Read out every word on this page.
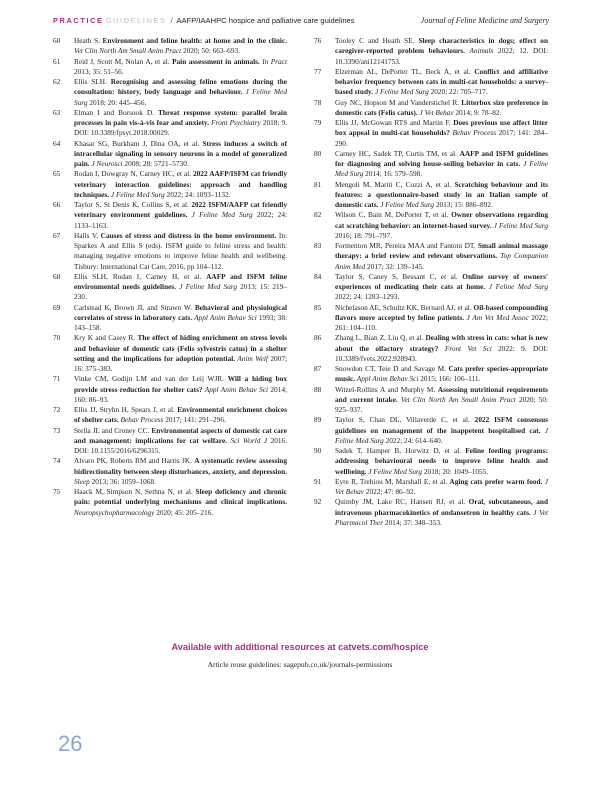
PRACTICE GUIDELINES / AAFP/IAAHPC hospice and palliative care guidelines	Journal of Feline Medicine and Surgery
60 Heath S. Environment and feline health: at home and in the clinic. Vet Clin North Am Small Anim Pract 2020; 50: 663–693.
61 Reid J, Scott M, Nolan A, et al. Pain assessment in animals. In Pract 2013; 35: 51–56.
62 Ellis SLH. Recognising and assessing feline emotions during the consultation: history, body language and behaviour. J Feline Med Surg 2018; 20: 445–456.
63 Elman I and Borsook D. Threat response system: parallel brain processes in pain vis-à-vis fear and anxiety. Front Psychiatry 2018; 9. DOI: 10.3389/fpsyt.2018.00029.
64 Khasar SG, Burkham J, Dina OA, et al. Stress induces a switch of intracellular signaling in sensory neurons in a model of generalized pain. J Neurosci 2008; 28: 5721–5730.
65 Rodan I, Dowgray N, Carney HC, et al. 2022 AAFP/ISFM cat friendly veterinary interaction guidelines: approach and handling techniques. J Feline Med Surg 2022; 24: 1093–1132.
66 Taylor S, St Denis K, Collins S, et al. 2022 ISFM/AAFP cat friendly veterinary environment guidelines. J Feline Med Surg 2022; 24: 1133–1163.
67 Halls V. Causes of stress and distress in the home environment. In: Sparkes A and Ellis S (eds). ISFM guide to feline stress and health: managing negative emotions to improve feline health and wellbeing. Tisbury: International Cat Care, 2016, pp 104–112.
68 Ellis SLH, Rodan I, Carney H, et al. AAFP and ISFM feline environmental needs guidelines. J Feline Med Surg 2013; 15: 219–230.
69 Carlstead K, Brown JL and Strawn W. Behavioral and physiological correlates of stress in laboratory cats. Appl Anim Behav Sci 1993; 38: 143–158.
70 Kry K and Casey R. The effect of hiding enrichment on stress levels and behaviour of domestic cats (Felis sylvestris catus) in a shelter setting and the implications for adoption potential. Anim Welf 2007; 16: 375–383.
71 Vinke CM, Godijn LM and van der Leij WJR. Will a hiding box provide stress reduction for shelter cats? Appl Anim Behav Sci 2014; 160: 86–93.
72 Ellis JJ, Stryhn H, Spears J, et al. Environmental enrichment choices of shelter cats. Behav Process 2017; 141: 291–296.
73 Stella JL and Croney CC. Environmental aspects of domestic cat care and management: implications for cat welfare. Sci World J 2016. DOI: 10.1155/2016/6296315.
74 Alvaro PK, Roberts RM and Harris JK. A systematic review assessing bidirectionality between sleep disturbances, anxiety, and depression. Sleep 2013; 36: 1059–1068.
75 Haack M, Simpson N, Sethna N, et al. Sleep deficiency and chronic pain: potential underlying mechanisms and clinical implications. Neuropsychopharmacology 2020; 45: 205–216.
76 Tooley C and Heath SE. Sleep characteristics in dogs; effect on caregiver-reported problem behaviours. Animals 2022; 12. DOI: 10.3390/ani12141753.
77 Elzerman AL, DePorter TL, Beck A, et al. Conflict and affiliative behavior frequency between cats in multi-cat households: a survey-based study. J Feline Med Surg 2020; 22: 705–717.
78 Guy NC, Hopson M and Vanderstichel R. Litterbox size preference in domestic cats (Felis catus). J Vet Behav 2014; 9: 78–82.
79 Ellis JJ, McGowan RTS and Martin F. Does previous use affect litter box appeal in multi-cat households? Behav Process 2017; 141: 284–290.
80 Carney HC, Sadek TP, Curtis TM, et al. AAFP and ISFM guidelines for diagnosing and solving house-soiling behavior in cats. J Feline Med Surg 2014; 16: 579–598.
81 Mengoli M, Mariti C, Cozzi A, et al. Scratching behaviour and its features: a questionnaire-based study in an Italian sample of domestic cats. J Feline Med Surg 2013; 15: 886–892.
82 Wilson C, Bain M, DePorter T, et al. Owner observations regarding cat scratching behavior: an internet-based survey. J Feline Med Surg 2016; 18: 791–797.
83 Formenton MR, Pereira MAA and Fantoni DT. Small animal massage therapy: a brief review and relevant observations. Top Companion Anim Med 2017; 32: 139–145.
84 Taylor S, Caney S, Bessant C, et al. Online survey of owners' experiences of medicating their cats at home. J Feline Med Surg 2022; 24: 1283–1293.
85 Nichelason AE, Schultz KK, Bernard AJ, et al. Oil-based compounding flavors more accepted by feline patients. J Am Vet Med Assoc 2022; 261: 104–110.
86 Zhang L, Bian Z, Liu Q, et al. Dealing with stress in cats: what is new about the olfactory strategy? Front Vet Sci 2022: 9. DOI: 10.3389/fvets.2022.928943.
87 Snowdon CT, Teie D and Savage M. Cats prefer species-appropriate music. Appl Anim Behav Sci 2015; 166: 106–111.
88 Witzel-Rollins A and Murphy M. Assessing nutritional requirements and current intake. Vet Clin North Am Small Anim Pract 2020; 50: 925–937.
89 Taylor S, Chan DL, Villaverde C, et al. 2022 ISFM consensus guidelines on management of the inappetent hospitalised cat. J Feline Med Surg 2022; 24: 614–640.
90 Sadek T, Hamper B, Horwitz D, et al. Feline feeding programs: addressing behavioural needs to improve feline health and wellbeing. J Feline Med Surg 2018; 20: 1049–1055.
91 Eyre R, Trehiou M, Marshall E, et al. Aging cats prefer warm food. J Vet Behav 2022; 47: 86–92.
92 Quimby JM, Lake RC, Hansen RJ, et al. Oral, subcutaneous, and intravenous pharmacokinetics of ondansetron in healthy cats. J Vet Pharmacol Ther 2014; 37: 348–353.
Available with additional resources at catvets.com/hospice
Article reuse guidelines: sagepub.co.uk/journals-permissions
26
